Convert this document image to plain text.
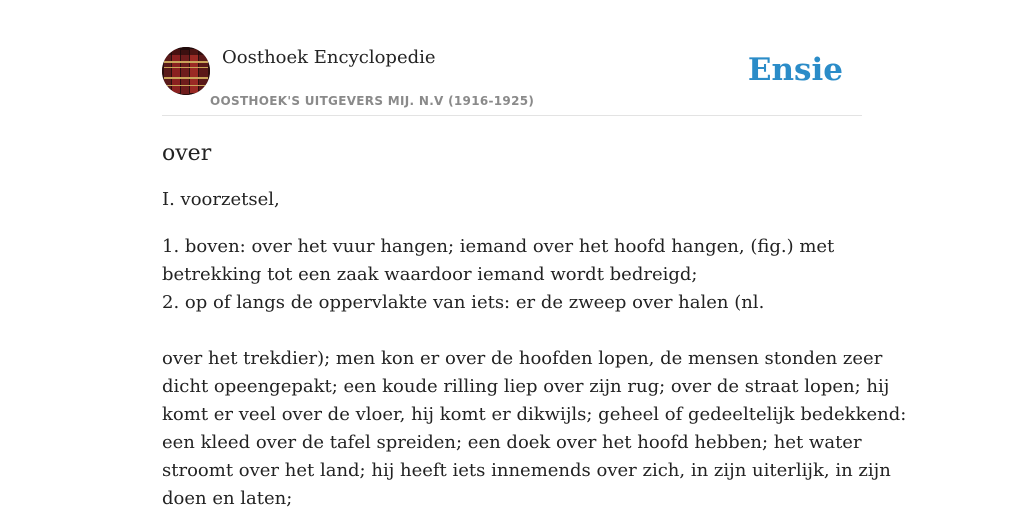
Oosthoek Encyclopedie
OOSTHOEK'S UITGEVERS MIJ. N.V (1916-1925)
Ensie
over

I. voorzetsel,

1. boven: over het vuur hangen; iemand over het hoofd hangen, (fig.) met

betrekking tot een zaak waardoor iemand wordt bedreigd;

2. op of langs de oppervlakte van iets: er de zweep over halen (nl.

over het trekdier); men kon er over de hoofden lopen, de mensen stonden zeer

dicht opeengepakt; een koude rilling liep over zijn rug; over de straat lopen; hij

komt er veel over de vloer, hij komt er dikwijls; geheel of gedeeltelijk bedekkend:

een kleed over de tafel spreiden; een doek over het hoofd hebben; het water

stroomt over het land; hij heeft iets innemends over zich, in zijn uiterlijk, in zijn

doen en laten;
